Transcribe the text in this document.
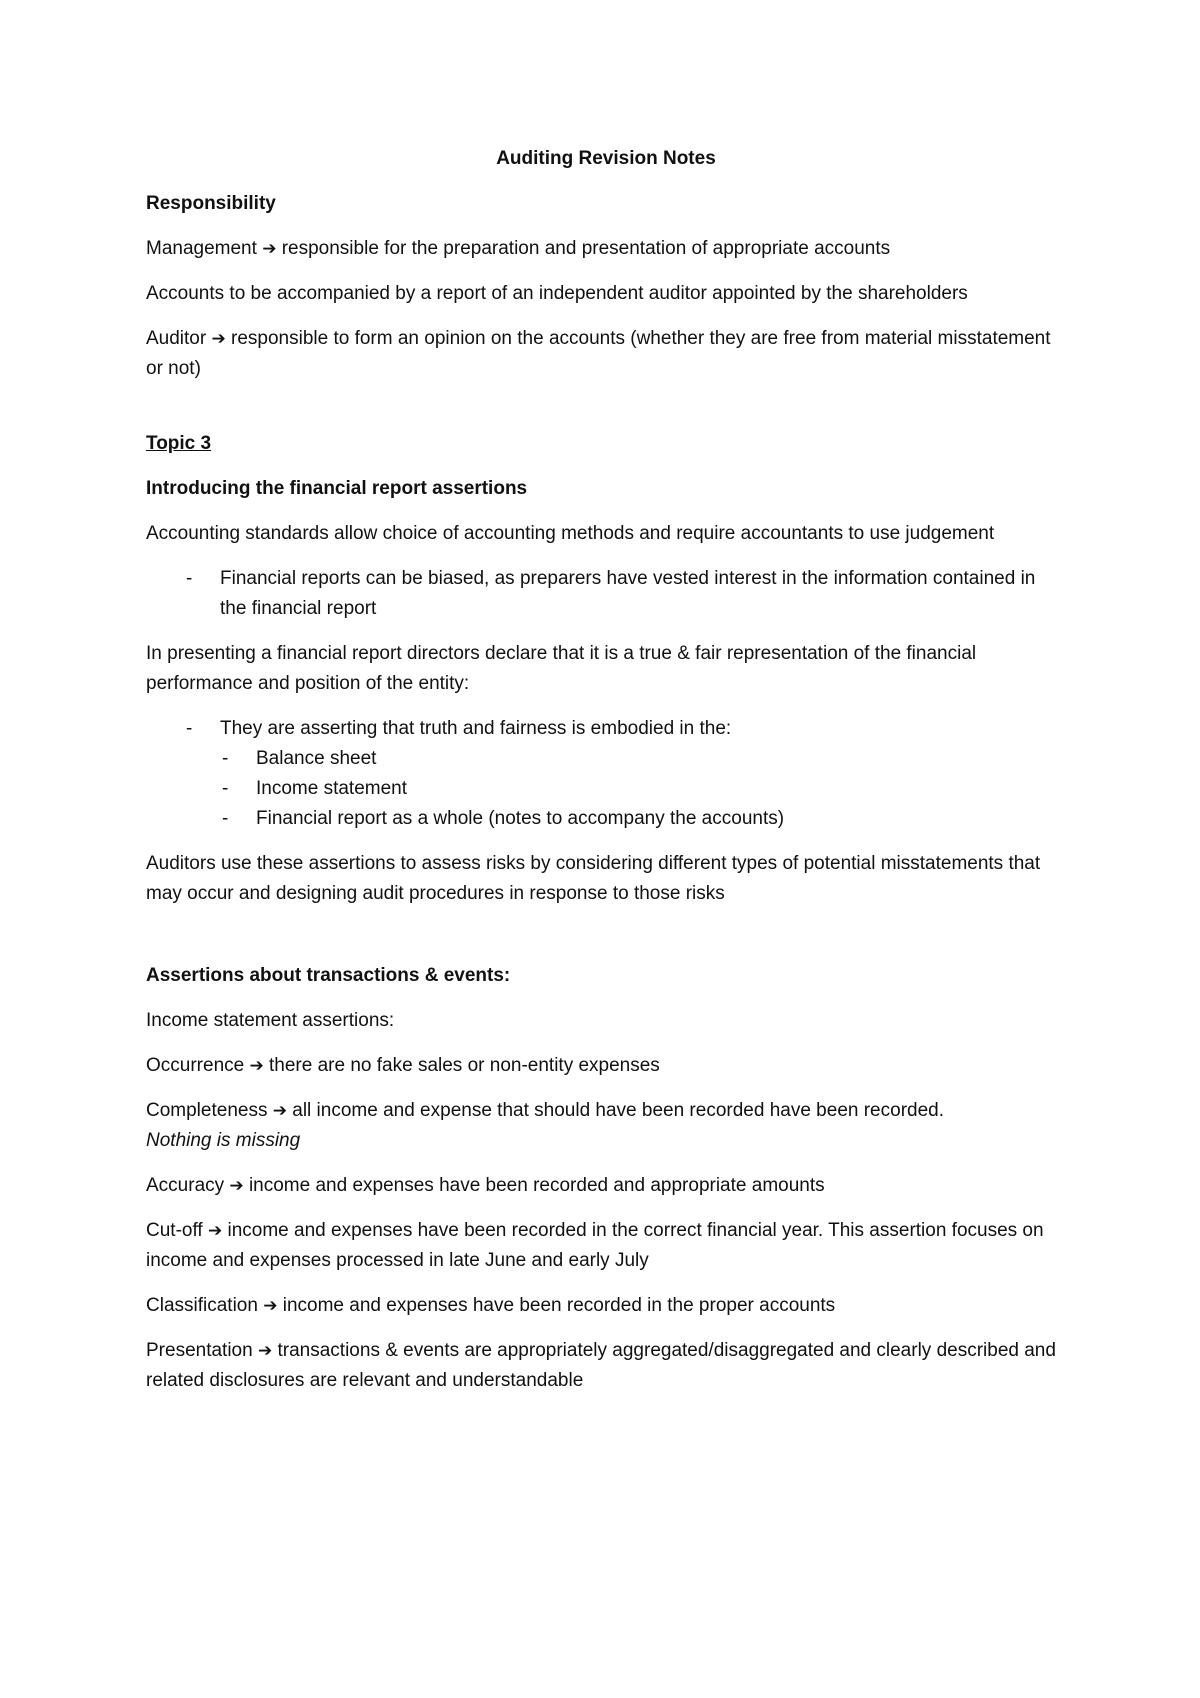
Auditing Revision Notes

Responsibility

Management ➔ responsible for the preparation and presentation of appropriate accounts

Accounts to be accompanied by a report of an independent auditor appointed by the shareholders

Auditor ➔ responsible to form an opinion on the accounts (whether they are free from material misstatement or not)

Topic 3

Introducing the financial report assertions

Accounting standards allow choice of accounting methods and require accountants to use judgement

- Financial reports can be biased, as preparers have vested interest in the information contained in the financial report

In presenting a financial report directors declare that it is a true & fair representation of the financial performance and position of the entity:

- They are asserting that truth and fairness is embodied in the:
- Balance sheet
- Income statement
- Financial report as a whole (notes to accompany the accounts)

Auditors use these assertions to assess risks by considering different types of potential misstatements that may occur and designing audit procedures in response to those risks

Assertions about transactions & events:

Income statement assertions:

Occurrence ➔ there are no fake sales or non-entity expenses

Completeness ➔ all income and expense that should have been recorded have been recorded.
Nothing is missing

Accuracy ➔ income and expenses have been recorded and appropriate amounts

Cut-off ➔ income and expenses have been recorded in the correct financial year. This assertion focuses on income and expenses processed in late June and early July

Classification ➔ income and expenses have been recorded in the proper accounts

Presentation ➔ transactions & events are appropriately aggregated/disaggregated and clearly described and related disclosures are relevant and understandable
